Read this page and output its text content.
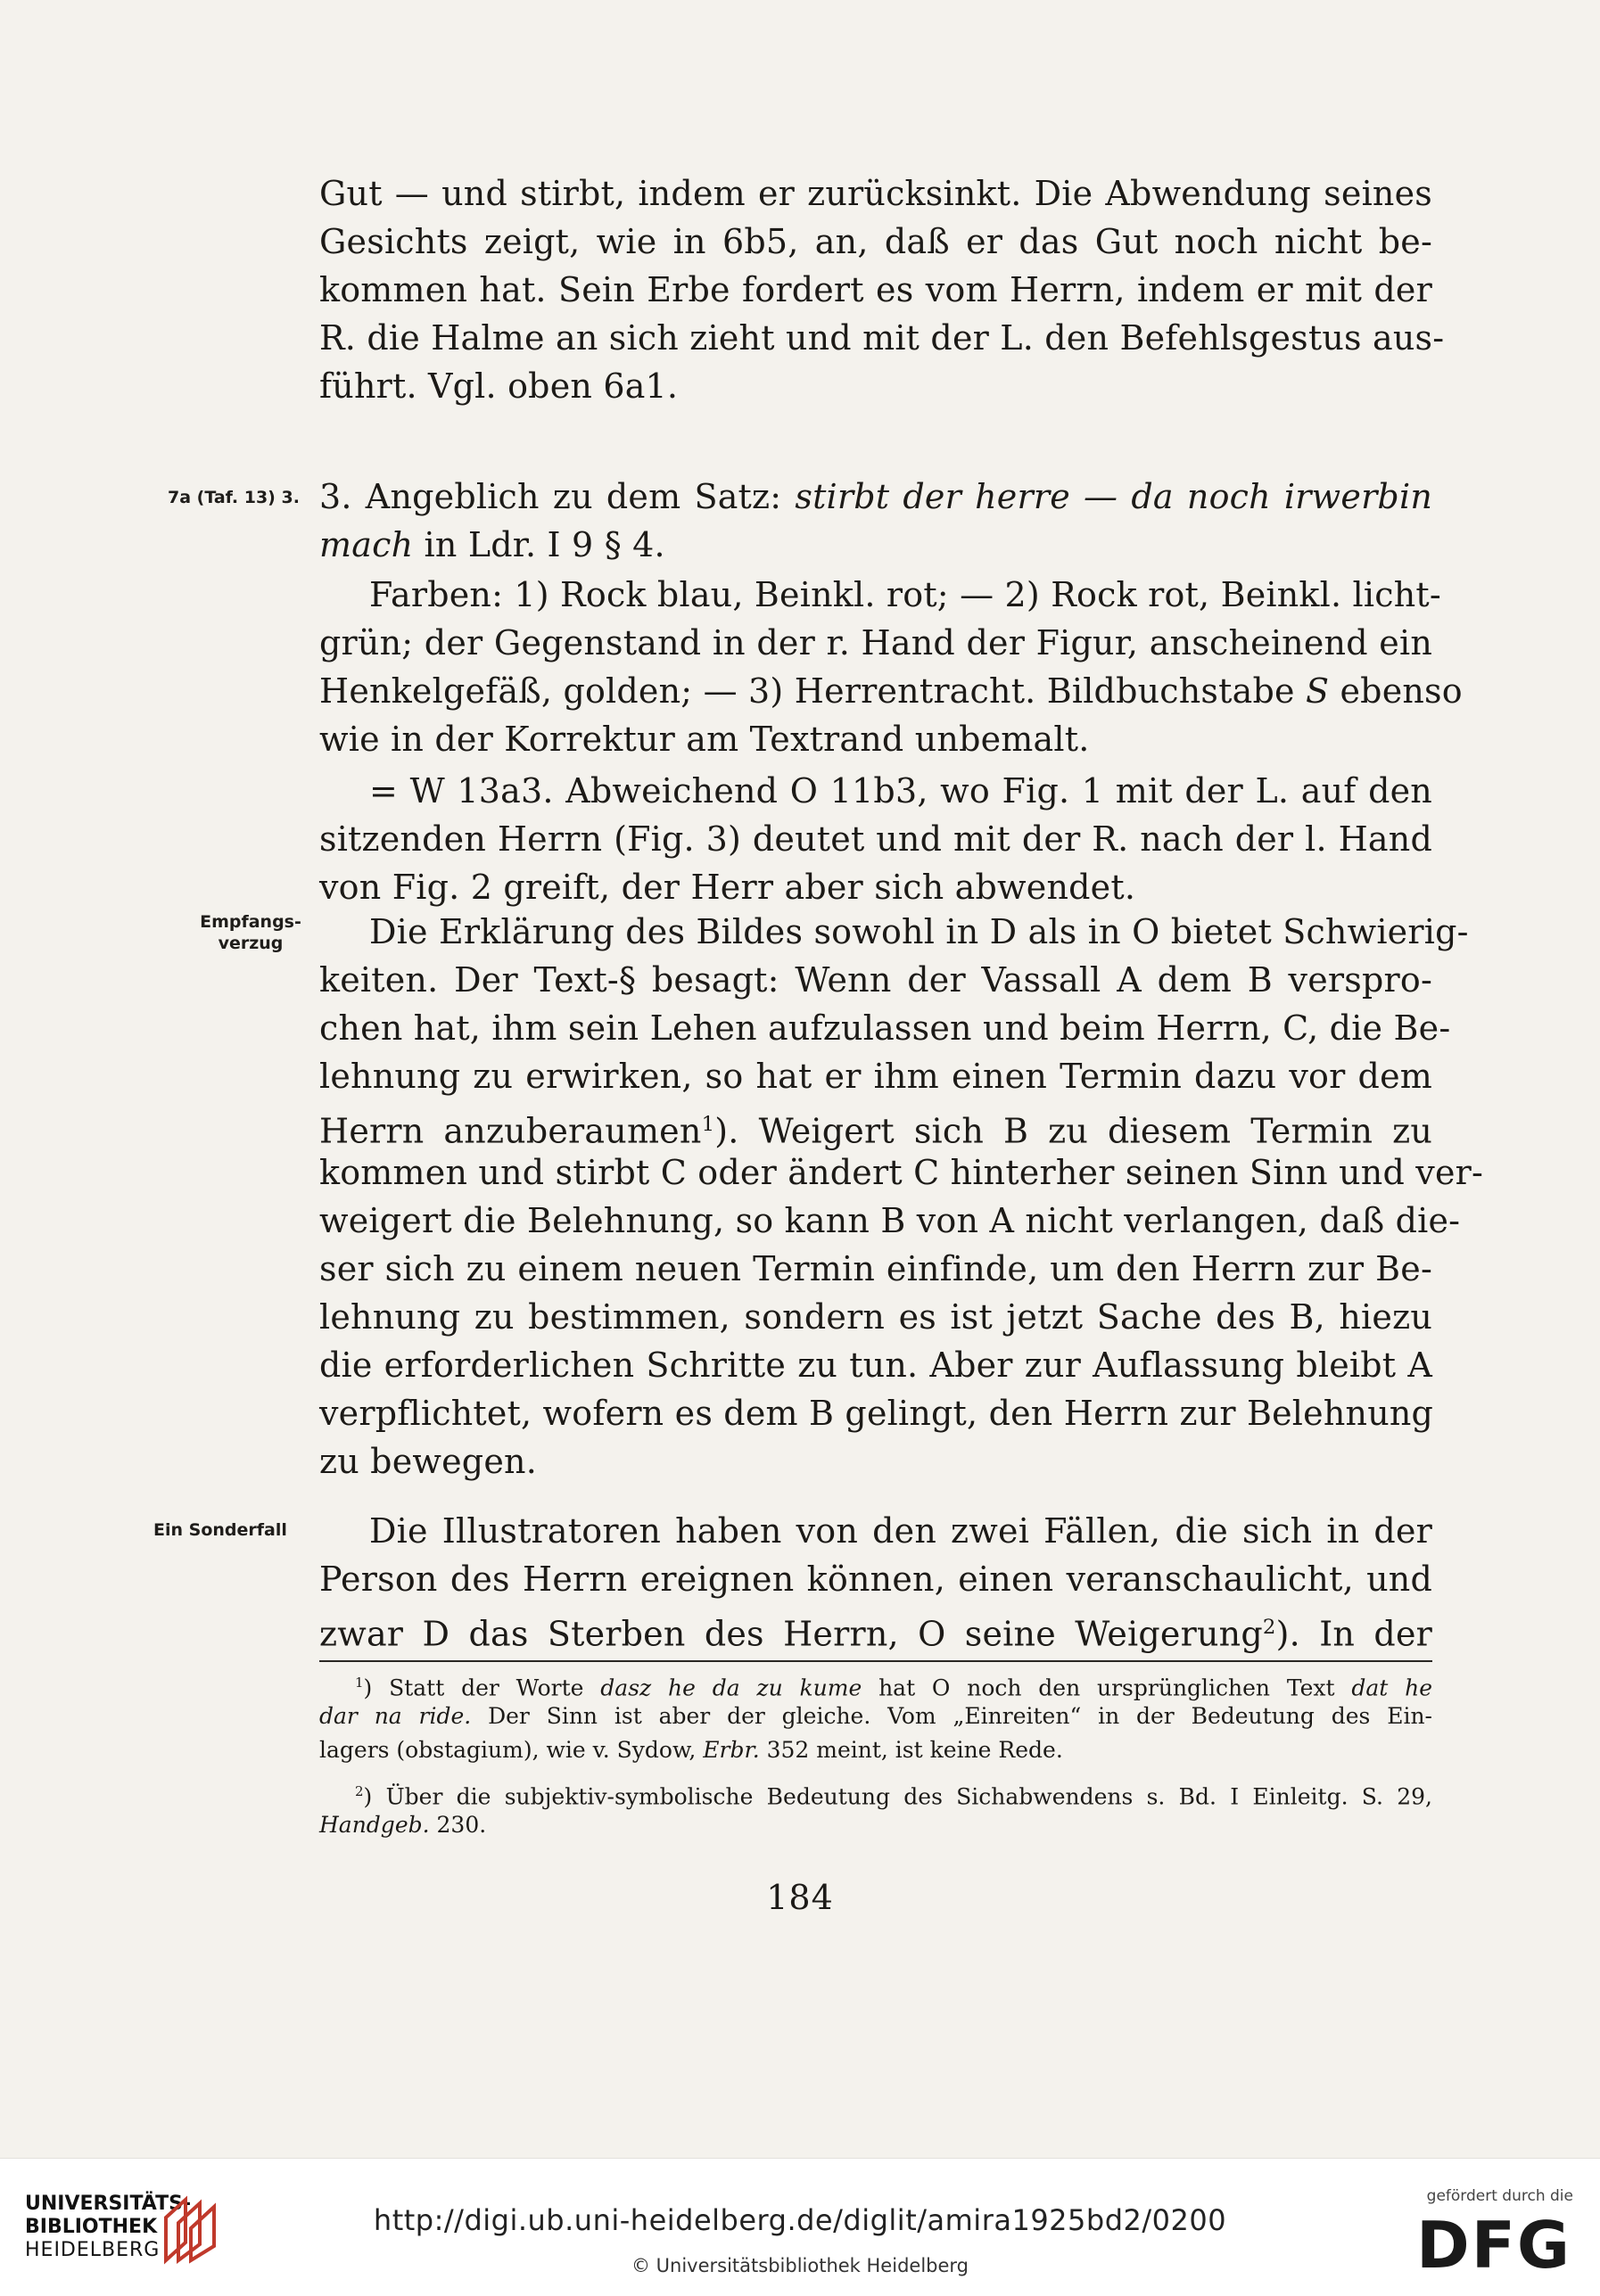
Gut — und stirbt, indem er zurücksinkt. Die Abwendung seines
Gesichts zeigt, wie in 6b5, an, daß er das Gut noch nicht be-
kommen hat. Sein Erbe fordert es vom Herrn, indem er mit der
R. die Halme an sich zieht und mit der L. den Befehlsgestus aus-
führt. Vgl. oben 6a1.
7a (Taf. 13) 3. 3. Angeblich zu dem Satz: stirbt der herre — da noch irwerbin
mach in Ldr. I 9 § 4.
Farben: 1) Rock blau, Beinkl. rot; — 2) Rock rot, Beinkl. licht-
grün; der Gegenstand in der r. Hand der Figur, anscheinend ein
Henkelgefäß, golden; — 3) Herrentracht. Bildbuchstabe S ebenso
wie in der Korrektur am Textrand unbemalt.
= W 13a3. Abweichend O 11b3, wo Fig. 1 mit der L. auf den
sitzenden Herrn (Fig. 3) deutet und mit der R. nach der l. Hand
von Fig. 2 greift, der Herr aber sich abwendet.
Empfangs-
verzug	Die Erklärung des Bildes sowohl in D als in O bietet Schwierig-
keiten. Der Text-§ besagt: Wenn der Vassall A dem B verspro-
chen hat, ihm sein Lehen aufzulassen und beim Herrn, C, die Be-
lehnung zu erwirken, so hat er ihm einen Termin dazu vor dem
Herrn anzuberaumen$^1$). Weigert sich B zu diesem Termin zu
kommen und stirbt C oder ändert C hinterher seinen Sinn und ver-
weigert die Belehnung, so kann B von A nicht verlangen, daß die-
ser sich zu einem neuen Termin einfinde, um den Herrn zur Be-
lehnung zu bestimmen, sondern es ist jetzt Sache des B, hiezu
die erforderlichen Schritte zu tun. Aber zur Auflassung bleibt A
verpflichtet, wofern es dem B gelingt, den Herrn zur Belehnung
zu bewegen.
Ein Sonderfall	Die Illustratoren haben von den zwei Fällen, die sich in der
Person des Herrn ereignen können, einen veranschaulicht, und
zwar D das Sterben des Herrn, O seine Weigerung$^2$). In der
$^1$) Statt der Worte dasz he da zu kume hat O noch den ursprünglichen Text dat he
dar na ride. Der Sinn ist aber der gleiche. Vom „Einreiten“ in der Bedeutung des Ein-
lagers (obstagium), wie v. Sydow, Erbr. 352 meint, ist keine Rede.
$^2$) Über die subjektiv-symbolische Bedeutung des Sichabwendens s. Bd. I Einleitg. S. 29,
Handgeb. 230.
184
UNIVERSITÄTS-
BIBLIOTHEK
HEIDELBERG
http://digi.ub.uni-heidelberg.de/diglit/amira1925bd2/0200
© Universitätsbibliothek Heidelberg
gefördert durch die
DFG
